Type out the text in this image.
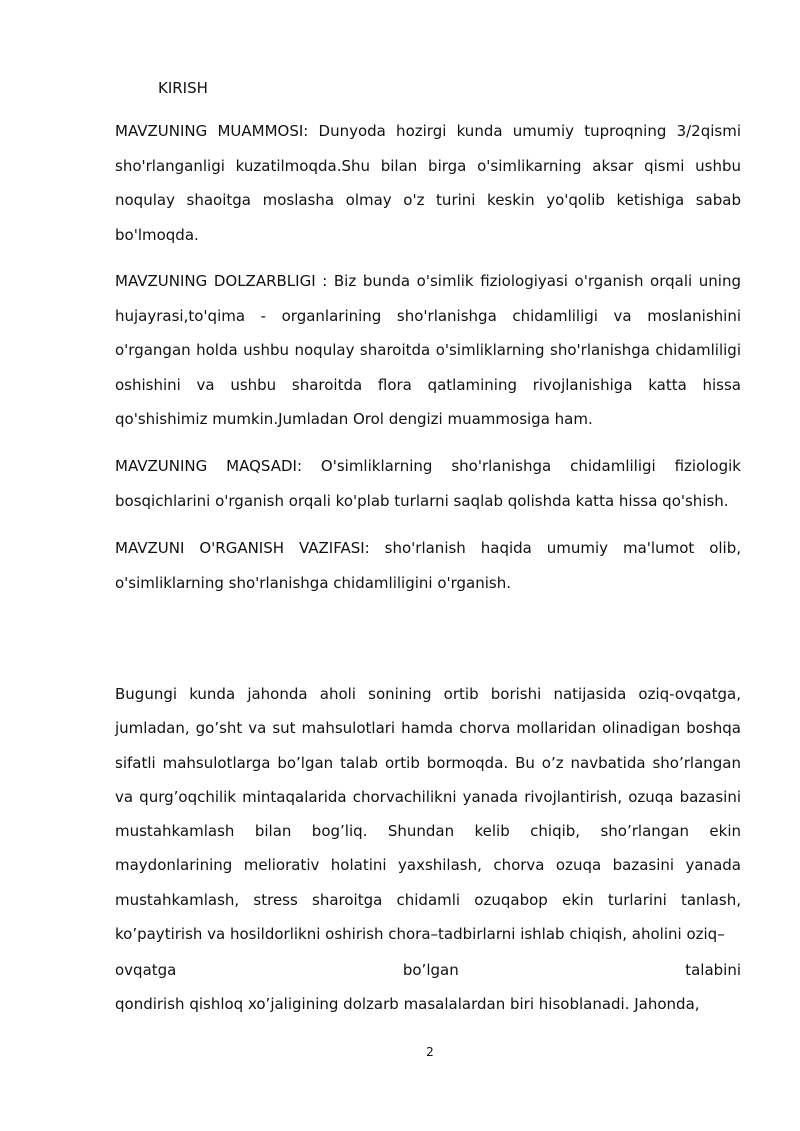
KIRISH

MAVZUNING MUAMMOSI: Dunyoda hozirgi kunda umumiy tuproqning 3/2qismi sho'rlanganligi kuzatilmoqda.Shu bilan birga o'simlikarning aksar qismi ushbu noqulay shaoitga moslasha olmay o'z turini keskin yo'qolib ketishiga sabab bo'lmoqda.

MAVZUNING DOLZARBLIGI : Biz bunda o'simlik fiziologiyasi o'rganish orqali uning hujayrasi,to'qima - organlarining sho'rlanishga chidamliligi va moslanishini o'rgangan holda ushbu noqulay sharoitda o'simliklarning sho'rlanishga chidamliligi oshishini va ushbu sharoitda flora qatlamining rivojlanishiga katta hissa qo'shishimiz mumkin.Jumladan Orol dengizi muammosiga ham.

MAVZUNING MAQSADI: O'simliklarning sho'rlanishga chidamliligi fiziologik bosqichlarini o'rganish orqali ko'plab turlarni saqlab qolishda katta hissa qo'shish.

MAVZUNI O'RGANISH VAZIFASI: sho'rlanish haqida umumiy ma'lumot olib, o'simliklarning sho'rlanishga chidamliligini o'rganish.

Bugungi kunda jahonda aholi sonining ortib borishi natijasida oziq-ovqatga, jumladan, go’sht va sut mahsulotlari hamda chorva mollaridan olinadigan boshqa sifatli mahsulotlarga bo’lgan talab ortib bormoqda. Bu o’z navbatida sho’rlangan va qurg’oqchilik mintaqalarida chorvachilikni yanada rivojlantirish, ozuqa bazasini mustahkamlash bilan bog’liq. Shundan kelib chiqib, sho’rlangan ekin maydonlarining meliorativ holatini yaxshilash, chorva ozuqa bazasini yanada mustahkamlash, stress sharoitga chidamli ozuqabop ekin turlarini tanlash, ko’paytirish va hosildorlikni oshirish chora–tadbirlarni ishlab chiqish, aholini oziq–

ovqatga	bo’lgan	talabini

qondirish qishloq xo’jaligining dolzarb masalalardan biri hisoblanadi. Jahonda,

2
